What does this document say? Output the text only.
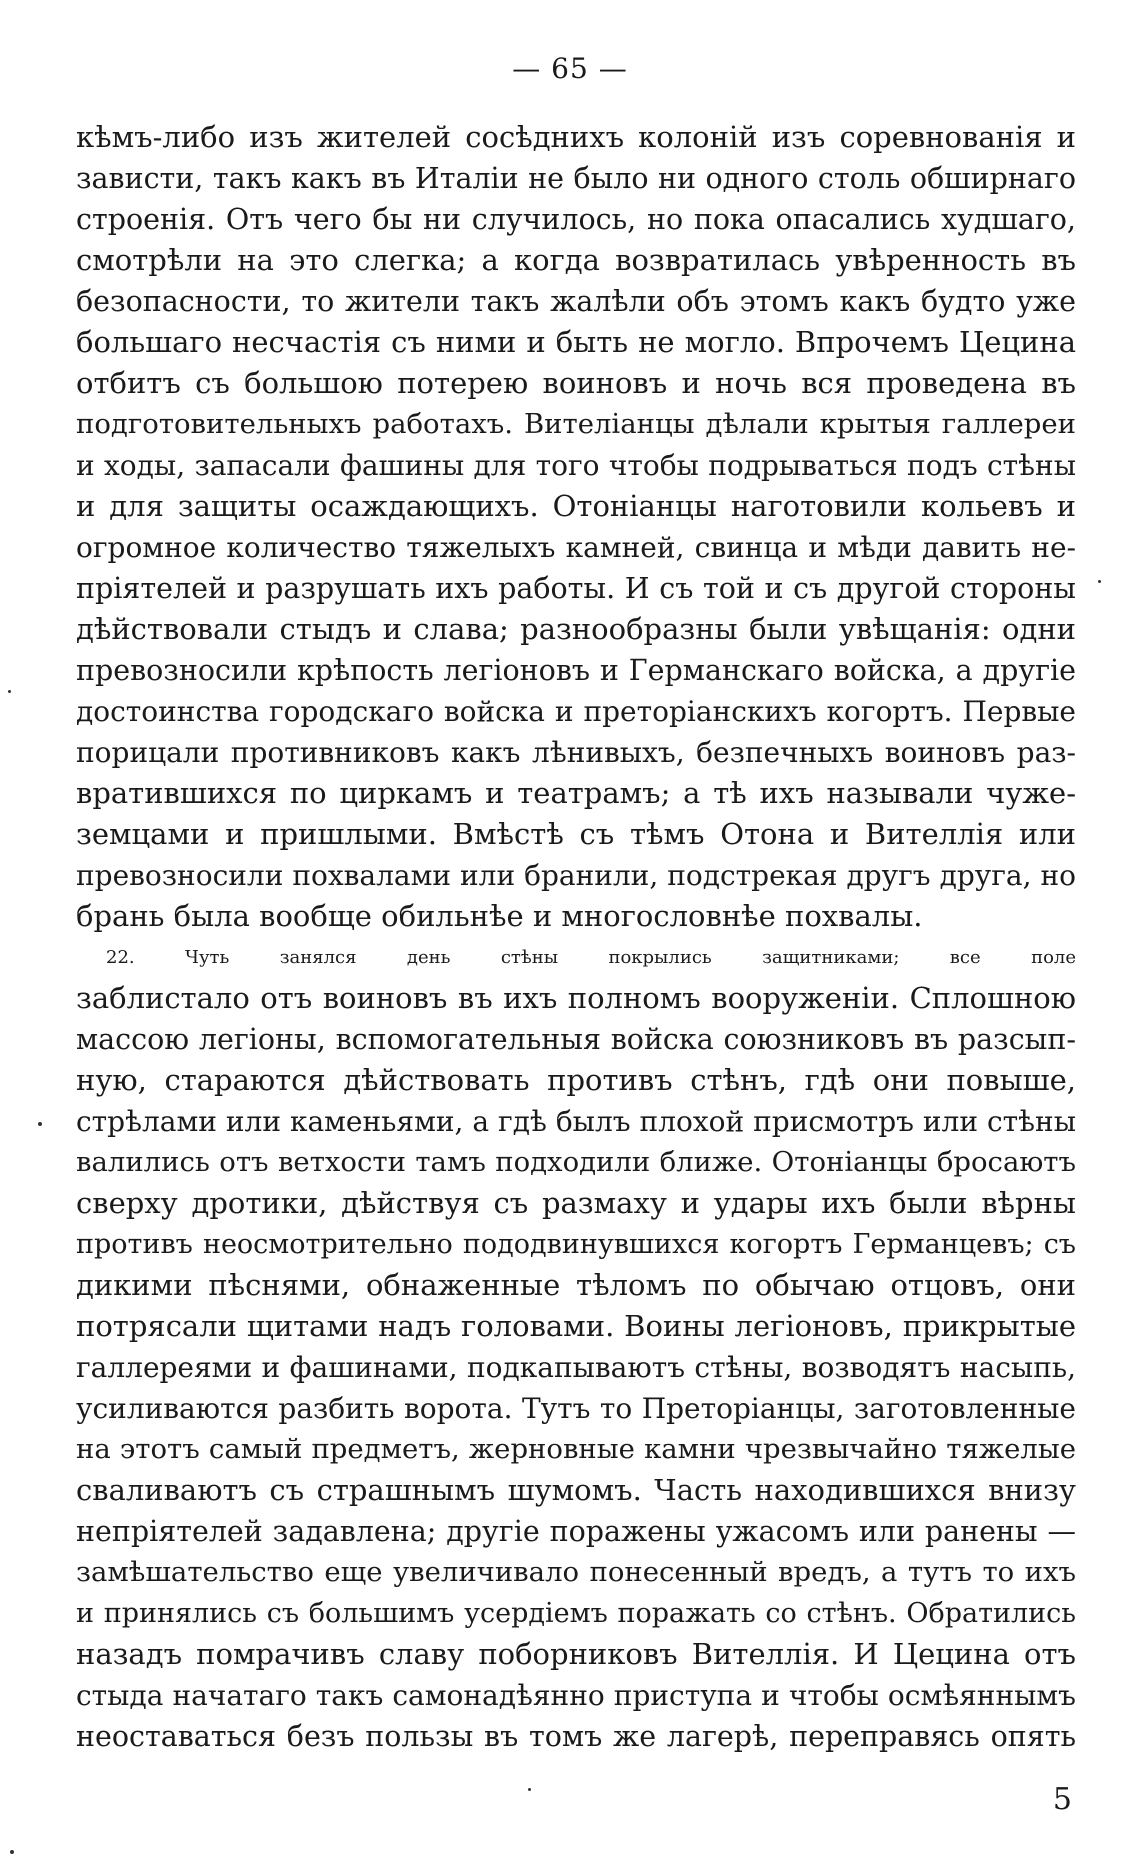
— 65 —
кѣмъ-либо изъ жителей сосѣднихъ колоній изъ соревнованія и
зависти, такъ какъ въ Италіи не было ни одного столь обширнаго
строенія. Отъ чего бы ни случилось, но пока опасались худшаго,
смотрѣли на это слегка; а когда возвратилась увѣренность въ
безопасности, то жители такъ жалѣли объ этомъ какъ будто уже
большаго несчастія съ ними и быть не могло. Впрочемъ Цецина
отбитъ съ большою потерею воиновъ и ночь вся проведена въ
подготовительныхъ работахъ. Вителіанцы дѣлали крытыя галлереи
и ходы, запасали фашины для того чтобы подрываться подъ стѣны
и для защиты осаждающихъ. Отоніанцы наготовили кольевъ и
огромное количество тяжелыхъ камней, свинца и мѣди давить не-
пріятелей и разрушать ихъ работы. И съ той и съ другой стороны
дѣйствовали стыдъ и слава; разнообразны были увѣщанія: одни
превозносили крѣпость легіоновъ и Германскаго войска, а другіе
достоинства городскаго войска и преторіанскихъ когортъ. Первые
порицали противниковъ какъ лѣнивыхъ, безпечныхъ воиновъ раз-
вратившихся по циркамъ и театрамъ; а тѣ ихъ называли чуже-
земцами и пришлыми. Вмѣстѣ съ тѣмъ Отона и Вителлія или
превозносили похвалами или бранили, подстрекая другъ друга, но
брань была вообще обильнѣе и многословнѣе похвалы.
22. Чуть занялся день стѣны покрылись защитниками; все поле
заблистало отъ воиновъ въ ихъ полномъ вооруженіи. Сплошною
массою легіоны, вспомогательныя войска союзниковъ въ разсып-
ную, стараются дѣйствовать противъ стѣнъ, гдѣ они повыше,
стрѣлами или каменьями, а гдѣ былъ плохой присмотръ или стѣны
валились отъ ветхости тамъ подходили ближе. Отоніанцы бросаютъ
сверху дротики, дѣйствуя съ размаху и удары ихъ были вѣрны
противъ неосмотрительно пододвинувшихся когортъ Германцевъ; съ
дикими пѣснями, обнаженные тѣломъ по обычаю отцовъ, они
потрясали щитами надъ головами. Воины легіоновъ, прикрытые
галлереями и фашинами, подкапываютъ стѣны, возводятъ насыпь,
усиливаются разбить ворота. Тутъ то Преторіанцы, заготовленные
на этотъ самый предметъ, жерновные камни чрезвычайно тяжелые
сваливаютъ съ страшнымъ шумомъ. Часть находившихся внизу
непріятелей задавлена; другіе поражены ужасомъ или ранены —
замѣшательство еще увеличивало понесенный вредъ, а тутъ то ихъ
и принялись съ большимъ усердіемъ поражать со стѣнъ. Обратились
назадъ помрачивъ славу поборниковъ Вителлія. И Цецина отъ
стыда начатаго такъ самонадѣянно приступа и чтобы осмѣяннымъ
неоставаться безъ пользы въ томъ же лагерѣ, переправясь опять
5
